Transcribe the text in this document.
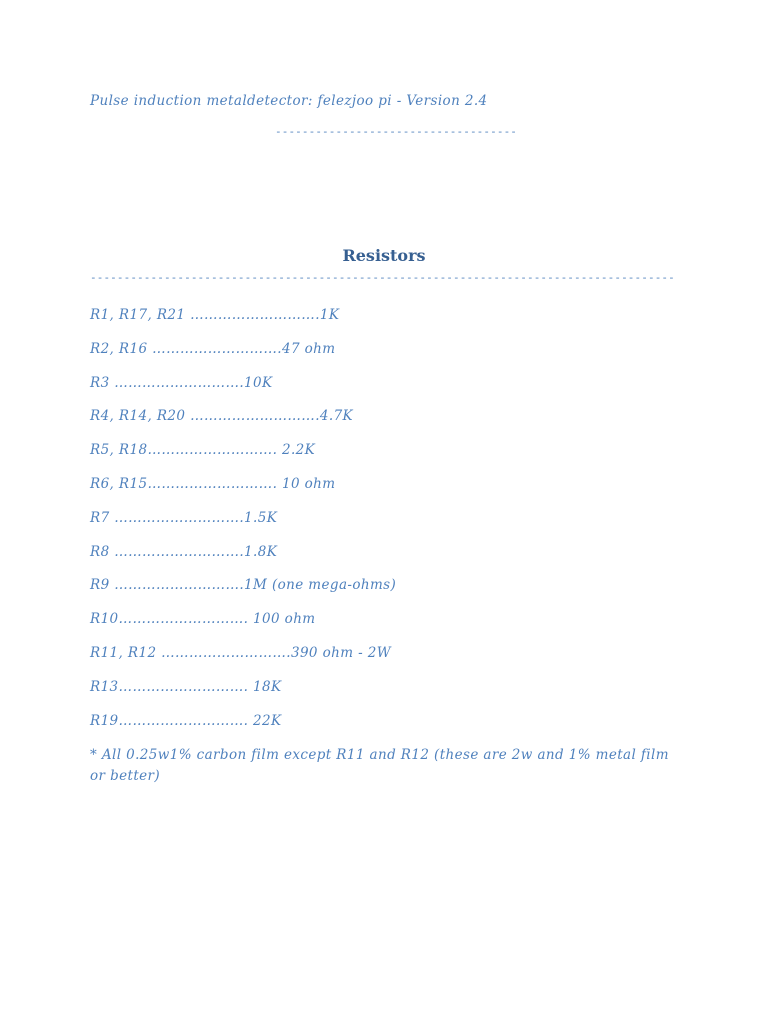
Pulse induction metaldetector: felezjoo pi - Version 2.4
------------------------------------
Resistors
---------------------------------------------------------------------------------------
R1, R17, R21 ……………………….1K
R2, R16 ……………………….47 ohm
R3 ……………………….10K
R4, R14, R20 ……………………….4.7K
R5, R18………………………. 2.2K
R6, R15………………………. 10 ohm
R7 ……………………….1.5K
R8 ……………………….1.8K
R9 ……………………….1M (one mega-ohms)
R10………………………. 100 ohm
R11, R12 ……………………….390 ohm - 2W
R13………………………. 18K
R19………………………. 22K
* All 0.25w1% carbon film except R11 and R12 (these are 2w and 1% metal film or better)
